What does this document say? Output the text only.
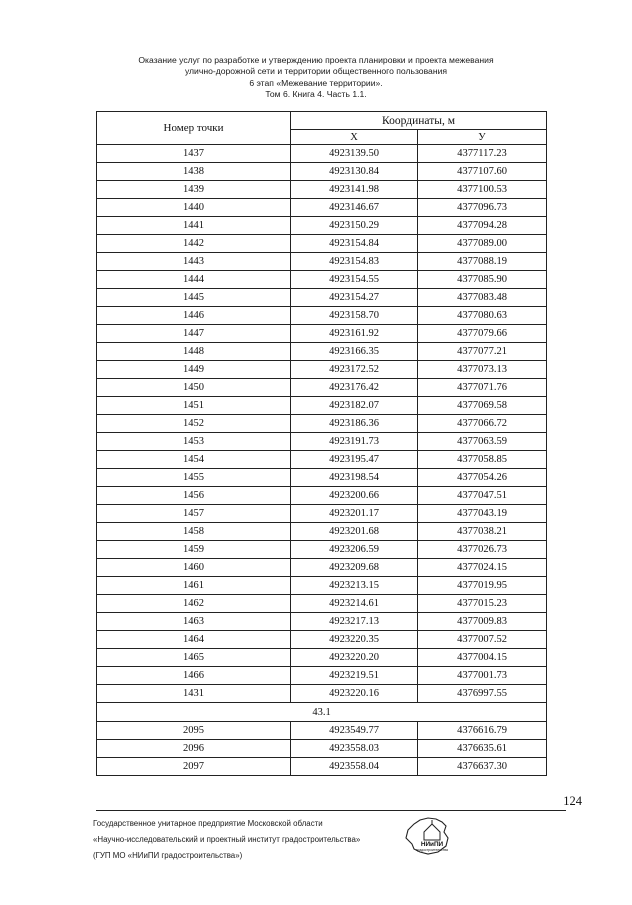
Оказание услуг по разработке и утверждению проекта планировки и проекта межевания
улично-дорожной сети и территории общественного пользования
6 этап «Межевание территории».
Том 6. Книга 4. Часть 1.1.
Номер точки	Координаты, м	
	X	У
1437	4923139.50	4377117.23
1438	4923130.84	4377107.60
1439	4923141.98	4377100.53
1440	4923146.67	4377096.73
1441	4923150.29	4377094.28
1442	4923154.84	4377089.00
1443	4923154.83	4377088.19
1444	4923154.55	4377085.90
1445	4923154.27	4377083.48
1446	4923158.70	4377080.63
1447	4923161.92	4377079.66
1448	4923166.35	4377077.21
1449	4923172.52	4377073.13
1450	4923176.42	4377071.76
1451	4923182.07	4377069.58
1452	4923186.36	4377066.72
1453	4923191.73	4377063.59
1454	4923195.47	4377058.85
1455	4923198.54	4377054.26
1456	4923200.66	4377047.51
1457	4923201.17	4377043.19
1458	4923201.68	4377038.21
1459	4923206.59	4377026.73
1460	4923209.68	4377024.15
1461	4923213.15	4377019.95
1462	4923214.61	4377015.23
1463	4923217.13	4377009.83
1464	4923220.35	4377007.52
1465	4923220.20	4377004.15
1466	4923219.51	4377001.73
1431	4923220.16	4376997.55
43.1		
2095	4923549.77	4376616.79
2096	4923558.03	4376635.61
2097	4923558.04	4376637.30
124
Государственное унитарное предприятие Московской области
«Научно-исследовательский и проектный институт градостроительства»
(ГУП МО «НИиПИ градостроительства»)
НИиПИ
градостроительства
